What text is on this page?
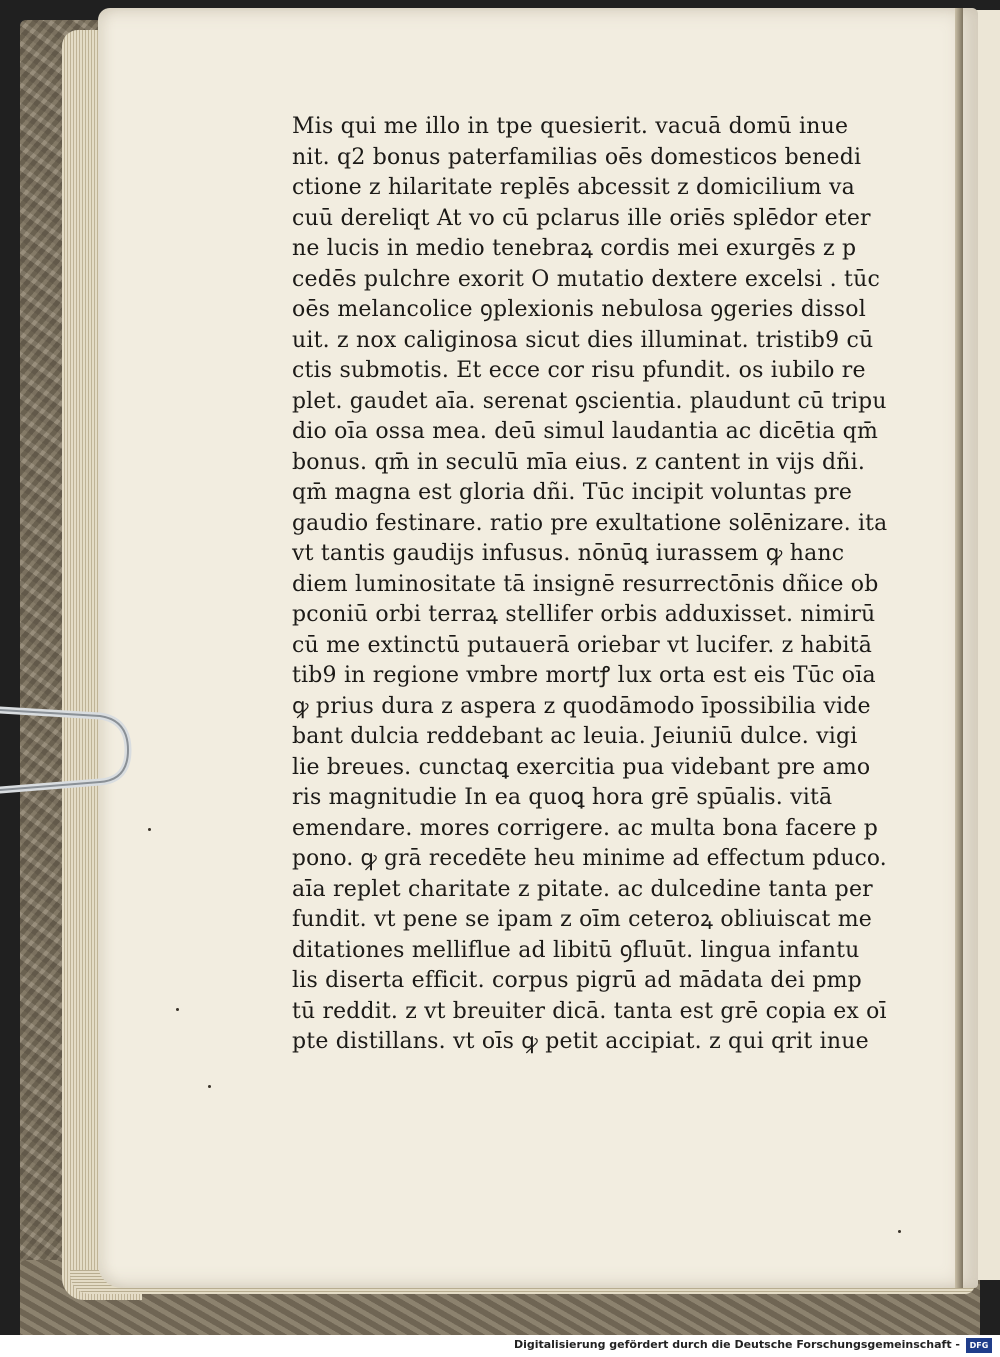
Mis qui me illo in tpe quesierit. vacuā domū inue
nit. q2 bonus paterfamilias oēs domesticos benedi
ctione z hilaritate replēs abcessit z domicilium va
cuū dereliqt At vo cū pclarus ille oriēs splēdor eter
ne lucis in medio tenebraꝝ cordis mei exurgēs z p
cedēs pulchre exorit O mutatio dextere excelsi . tūc
oēs melancolice ꝯplexionis nebulosa ꝯgeries dissol
uit. z nox caliginosa sicut dies illuminat. tristib9 cū
ctis submotis. Et ecce cor risu pfundit. os iubilo re
plet. gaudet aīa. serenat ꝯscientia. plaudunt cū tripu
dio oīa ossa mea. deū simul laudantia ac dicētia qm̄
bonus. qm̄ in seculū mīa eius. z cantent in vijs dñi.
qm̄ magna est gloria dñi. Tūc incipit voluntas pre
gaudio festinare. ratio pre exultatione solēnizare. ita
vt tantis gaudijs infusus. nōnūꝗ iurassem ꝙ hanc
diem luminositate tā insignē resurrectōnis dñice ob
pconiū orbi terraꝝ stellifer orbis adduxisset. nimirū
cū me extinctū putauerā oriebar vt lucifer. z habitā
tib9 in regione vmbre mortꝭ lux orta est eis Tūc oīa
ꝙ prius dura z aspera z quodāmodo īpossibilia vide
bant dulcia reddebant ac leuia. Jeiuniū dulce. vigi
lie breues. cunctaꝗ exercitia pua videbant pre amo
ris magnitudie In ea quoꝗ hora grē spūalis. vitā
emendare. mores corrigere. ac multa bona facere p
pono. ꝙ grā recedēte heu minime ad effectum pduco.
aīa replet charitate z pitate. ac dulcedine tanta per
fundit. vt pene se ipam z oīm ceteroꝝ obliuiscat me
ditationes melliflue ad libitū ꝯfluūt. lingua infantu
lis diserta efficit. corpus pigrū ad mādata dei pmp
tū reddit. z vt breuiter dicā. tanta est grē copia ex oī
pte distillans. vt oīs ꝙ petit accipiat. z qui qrit inue
Digitalisierung gefördert durch die Deutsche Forschungsgemeinschaft -	DFG
